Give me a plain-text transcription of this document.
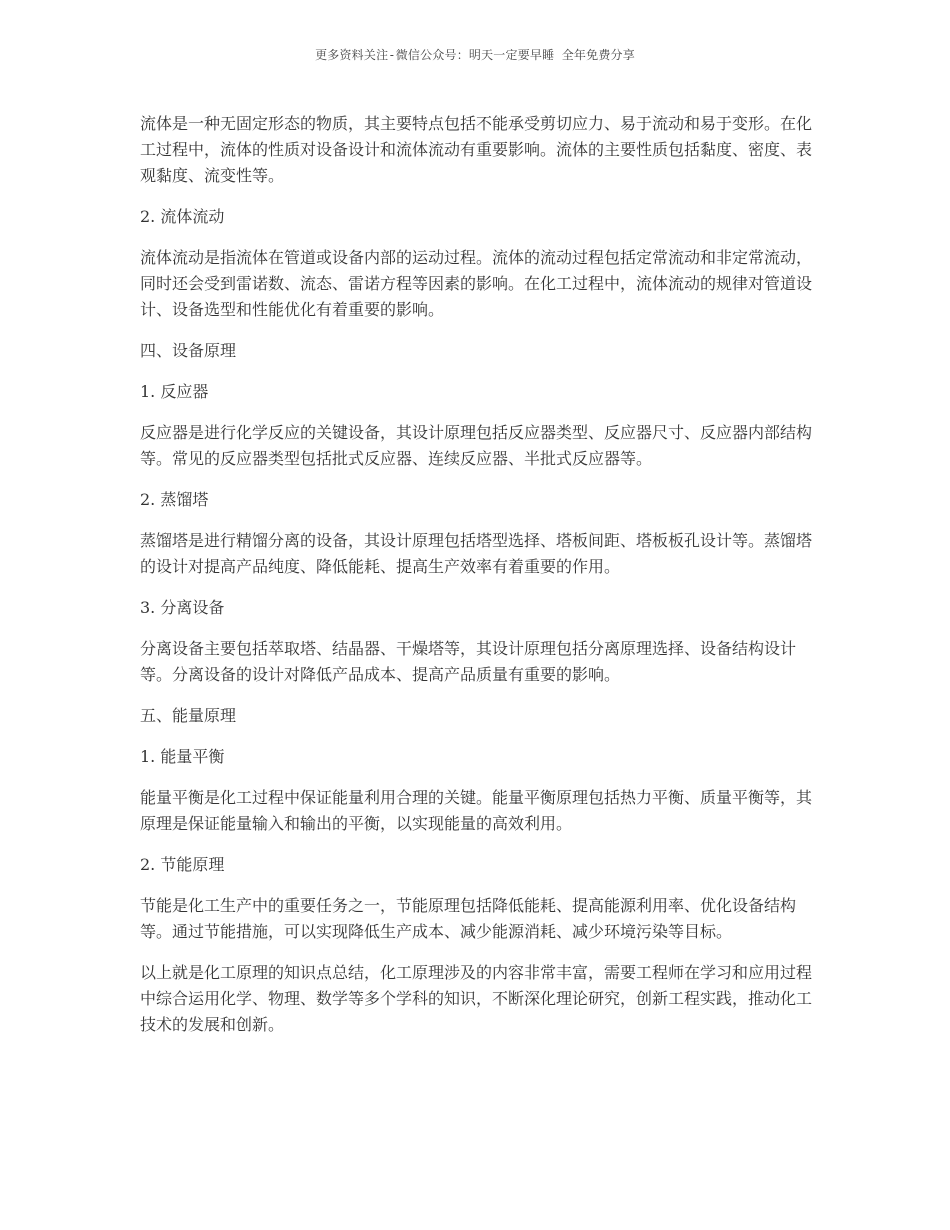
更多资料关注-微信公众号：明天一定要早睡 全年免费分享

流体是一种无固定形态的物质，其主要特点包括不能承受剪切应力、易于流动和易于变形。在化工过程中，流体的性质对设备设计和流体流动有重要影响。流体的主要性质包括黏度、密度、表观黏度、流变性等。

2. 流体流动

流体流动是指流体在管道或设备内部的运动过程。流体的流动过程包括定常流动和非定常流动，同时还会受到雷诺数、流态、雷诺方程等因素的影响。在化工过程中，流体流动的规律对管道设计、设备选型和性能优化有着重要的影响。

四、设备原理

1. 反应器

反应器是进行化学反应的关键设备，其设计原理包括反应器类型、反应器尺寸、反应器内部结构等。常见的反应器类型包括批式反应器、连续反应器、半批式反应器等。

2. 蒸馏塔

蒸馏塔是进行精馏分离的设备，其设计原理包括塔型选择、塔板间距、塔板板孔设计等。蒸馏塔的设计对提高产品纯度、降低能耗、提高生产效率有着重要的作用。

3. 分离设备

分离设备主要包括萃取塔、结晶器、干燥塔等，其设计原理包括分离原理选择、设备结构设计等。分离设备的设计对降低产品成本、提高产品质量有重要的影响。

五、能量原理

1. 能量平衡

能量平衡是化工过程中保证能量利用合理的关键。能量平衡原理包括热力平衡、质量平衡等，其原理是保证能量输入和输出的平衡，以实现能量的高效利用。

2. 节能原理

节能是化工生产中的重要任务之一，节能原理包括降低能耗、提高能源利用率、优化设备结构等。通过节能措施，可以实现降低生产成本、减少能源消耗、减少环境污染等目标。

以上就是化工原理的知识点总结，化工原理涉及的内容非常丰富，需要工程师在学习和应用过程中综合运用化学、物理、数学等多个学科的知识，不断深化理论研究，创新工程实践，推动化工技术的发展和创新。
